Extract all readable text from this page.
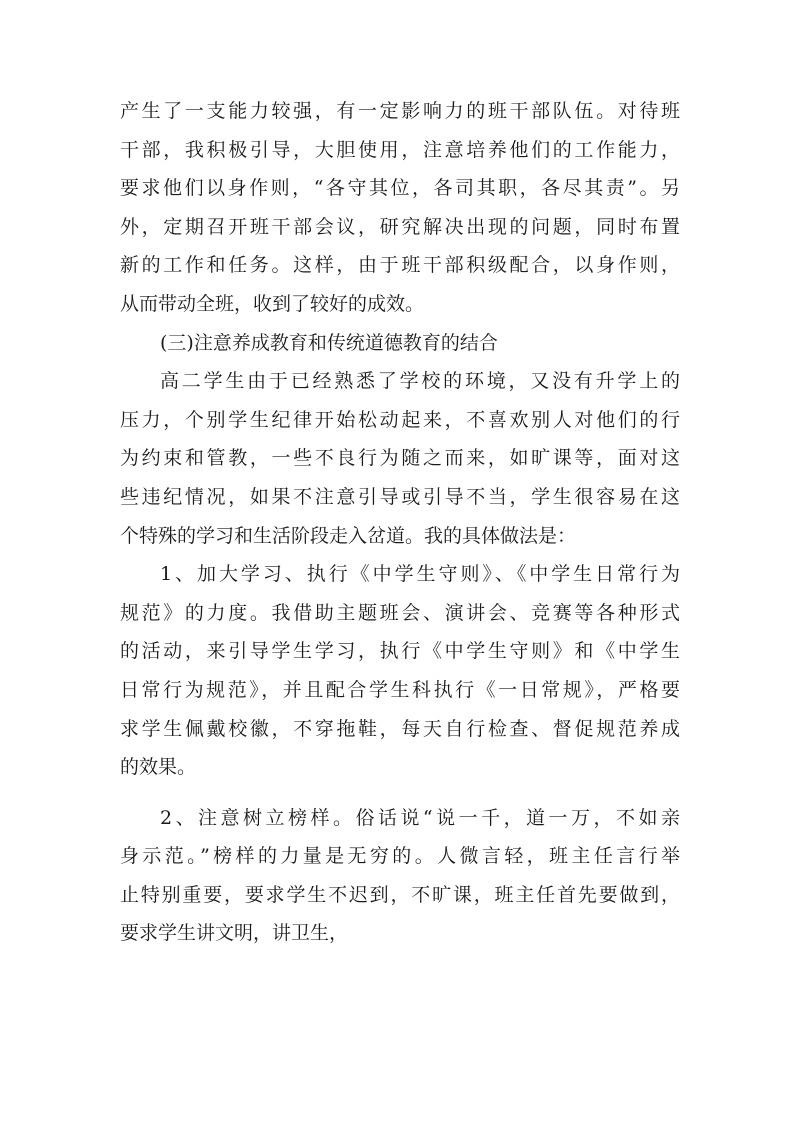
产生了一支能力较强，有一定影响力的班干部队伍。对待班
干部，我积极引导，大胆使用，注意培养他们的工作能力，
要求他们以身作则，“各守其位，各司其职，各尽其责”。另
外，定期召开班干部会议，研究解决出现的问题，同时布置
新的工作和任务。这样，由于班干部积级配合，以身作则，
从而带动全班，收到了较好的成效。
(三)注意养成教育和传统道德教育的结合
高二学生由于已经熟悉了学校的环境，又没有升学上的
压力，个别学生纪律开始松动起来，不喜欢别人对他们的行
为约束和管教，一些不良行为随之而来，如旷课等，面对这
些违纪情况，如果不注意引导或引导不当，学生很容易在这
个特殊的学习和生活阶段走入岔道。我的具体做法是：
1、加大学习、执行《中学生守则》、《中学生日常行为
规范》的力度。我借助主题班会、演讲会、竞赛等各种形式
的活动，来引导学生学习，执行《中学生守则》和《中学生
日常行为规范》，并且配合学生科执行《一日常规》，严格要
求学生佩戴校徽，不穿拖鞋，每天自行检查、督促规范养成
的效果。
2、注意树立榜样。俗话说“说一千，道一万，不如亲
身示范。”榜样的力量是无穷的。人微言轻，班主任言行举
止特别重要，要求学生不迟到，不旷课，班主任首先要做到，
要求学生讲文明，讲卫生，
